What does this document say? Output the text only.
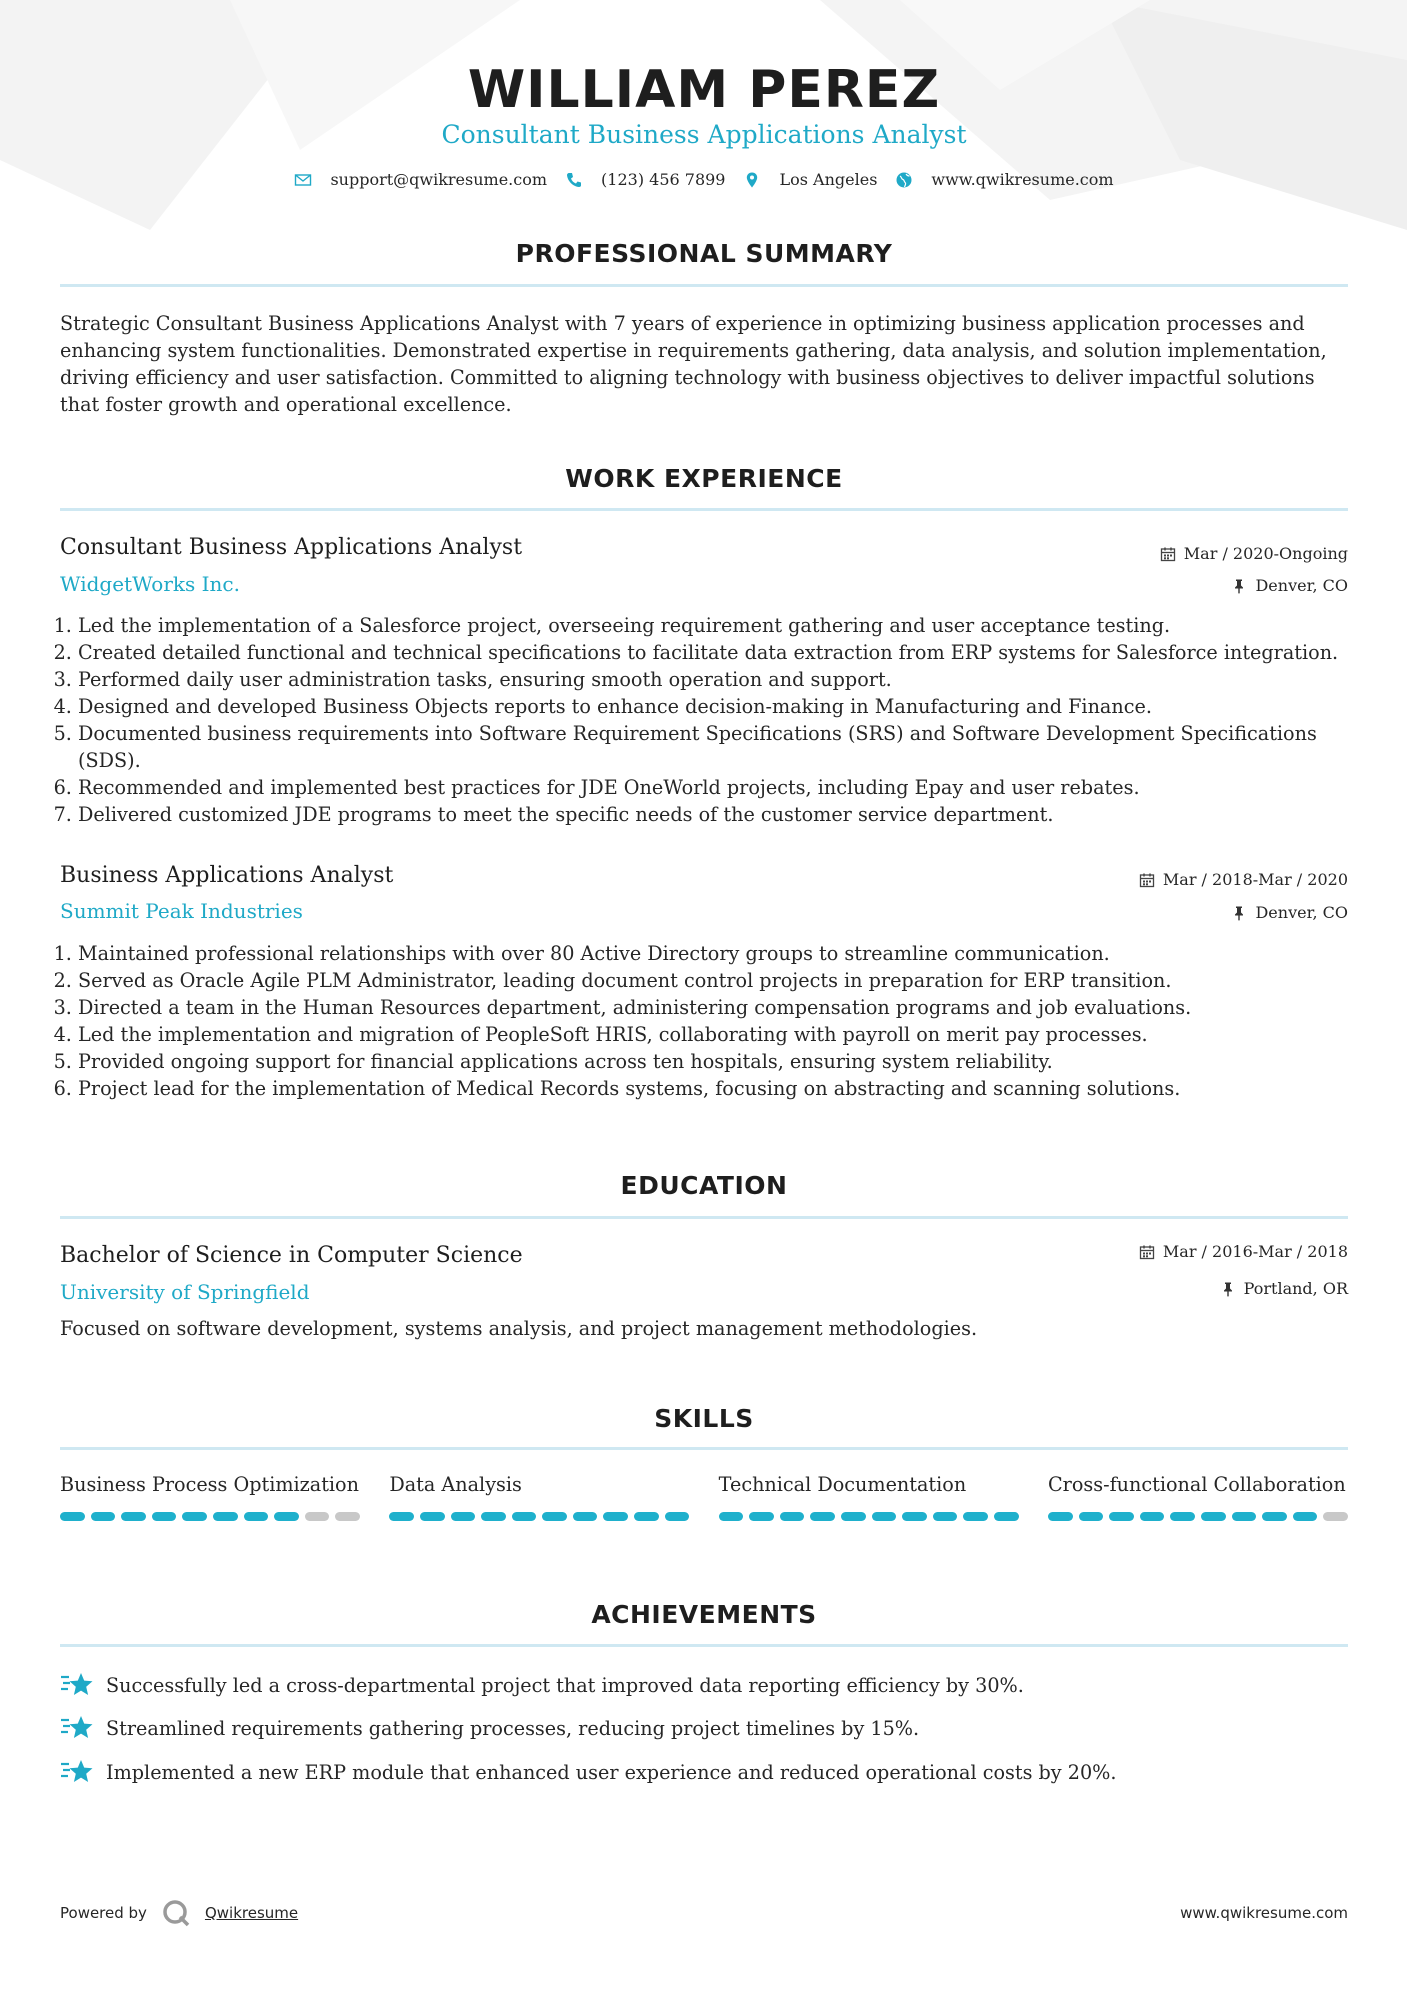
WILLIAM PEREZ
Consultant Business Applications Analyst
support@qwikresume.com	(123) 456 7899	Los Angeles	www.qwikresume.com
PROFESSIONAL SUMMARY
Strategic Consultant Business Applications Analyst with 7 years of experience in optimizing business application processes and enhancing system functionalities. Demonstrated expertise in requirements gathering, data analysis, and solution implementation, driving efficiency and user satisfaction. Committed to aligning technology with business objectives to deliver impactful solutions that foster growth and operational excellence.
WORK EXPERIENCE
Consultant Business Applications Analyst	Mar / 2020-Ongoing
WidgetWorks Inc.	Denver, CO
1. Led the implementation of a Salesforce project, overseeing requirement gathering and user acceptance testing.
2. Created detailed functional and technical specifications to facilitate data extraction from ERP systems for Salesforce integration.
3. Performed daily user administration tasks, ensuring smooth operation and support.
4. Designed and developed Business Objects reports to enhance decision-making in Manufacturing and Finance.
5. Documented business requirements into Software Requirement Specifications (SRS) and Software Development Specifications (SDS).
6. Recommended and implemented best practices for JDE OneWorld projects, including Epay and user rebates.
7. Delivered customized JDE programs to meet the specific needs of the customer service department.
Business Applications Analyst	Mar / 2018-Mar / 2020
Summit Peak Industries	Denver, CO
1. Maintained professional relationships with over 80 Active Directory groups to streamline communication.
2. Served as Oracle Agile PLM Administrator, leading document control projects in preparation for ERP transition.
3. Directed a team in the Human Resources department, administering compensation programs and job evaluations.
4. Led the implementation and migration of PeopleSoft HRIS, collaborating with payroll on merit pay processes.
5. Provided ongoing support for financial applications across ten hospitals, ensuring system reliability.
6. Project lead for the implementation of Medical Records systems, focusing on abstracting and scanning solutions.
EDUCATION
Bachelor of Science in Computer Science	Mar / 2016-Mar / 2018
University of Springfield	Portland, OR
Focused on software development, systems analysis, and project management methodologies.
SKILLS
Business Process Optimization Data Analysis	Technical Documentation	Cross-functional Collaboration
ACHIEVEMENTS
Successfully led a cross-departmental project that improved data reporting efficiency by 30%.
Streamlined requirements gathering processes, reducing project timelines by 15%.
Implemented a new ERP module that enhanced user experience and reduced operational costs by 20%.
Powered by	Qwikresume	www.qwikresume.com
